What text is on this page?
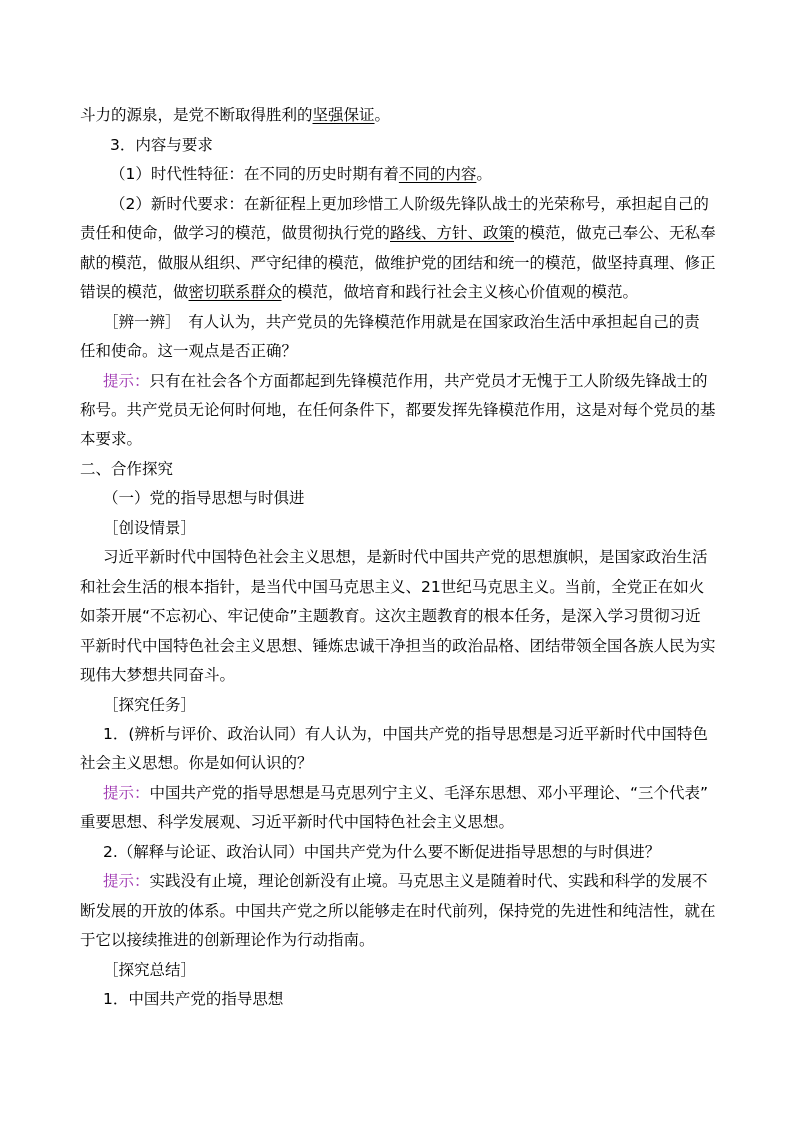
斗力的源泉，是党不断取得胜利的坚强保证。
3．内容与要求
（1）时代性特征：在不同的历史时期有着不同的内容。
（2）新时代要求：在新征程上更加珍惜工人阶级先锋队战士的光荣称号，承担起自己的
责任和使命，做学习的模范，做贯彻执行党的路线、方针、政策的模范，做克己奉公、无私奉
献的模范，做服从组织、严守纪律的模范，做维护党的团结和统一的模范，做坚持真理、修正
错误的模范，做密切联系群众的模范，做培育和践行社会主义核心价值观的模范。
［辨一辨］　有人认为，共产党员的先锋模范作用就是在国家政治生活中承担起自己的责
任和使命。这一观点是否正确？
提示：只有在社会各个方面都起到先锋模范作用，共产党员才无愧于工人阶级先锋战士的
称号。共产党员无论何时何地，在任何条件下，都要发挥先锋模范作用，这是对每个党员的基
本要求。
二、合作探究
（一）党的指导思想与时俱进
［创设情景］
习近平新时代中国特色社会主义思想，是新时代中国共产党的思想旗帜，是国家政治生活
和社会生活的根本指针，是当代中国马克思主义、21世纪马克思主义。当前，全党正在如火
如荼开展“不忘初心、牢记使命”主题教育。这次主题教育的根本任务，是深入学习贯彻习近
平新时代中国特色社会主义思想、锤炼忠诚干净担当的政治品格、团结带领全国各族人民为实
现伟大梦想共同奋斗。
［探究任务］
1．(辨析与评价、政治认同）有人认为，中国共产党的指导思想是习近平新时代中国特色
社会主义思想。你是如何认识的？
提示：中国共产党的指导思想是马克思列宁主义、毛泽东思想、邓小平理论、“三个代表”
重要思想、科学发展观、习近平新时代中国特色社会主义思想。
2.（解释与论证、政治认同）中国共产党为什么要不断促进指导思想的与时俱进？
提示：实践没有止境，理论创新没有止境。马克思主义是随着时代、实践和科学的发展不
断发展的开放的体系。中国共产党之所以能够走在时代前列，保持党的先进性和纯洁性，就在
于它以接续推进的创新理论作为行动指南。
［探究总结］
1．中国共产党的指导思想
